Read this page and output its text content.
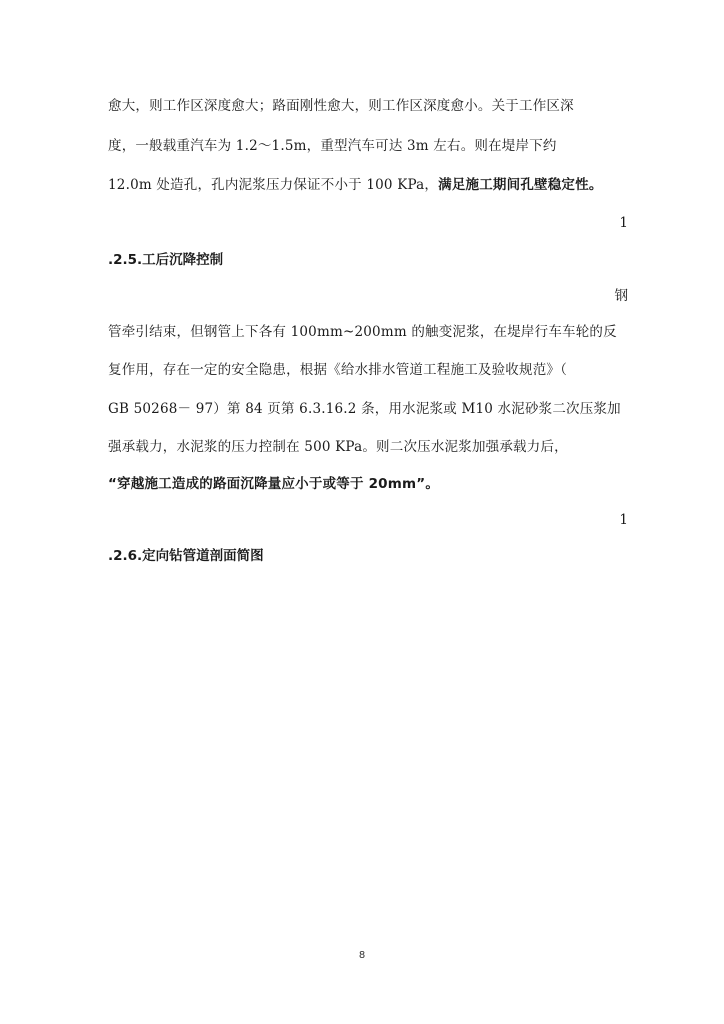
愈大，则工作区深度愈大；路面刚性愈大，则工作区深度愈小。关于工作区深
度，一般载重汽车为 1.2～1.5m，重型汽车可达 3m 左右。则在堤岸下约
12.0m 处造孔，孔内泥浆压力保证不小于 100 KPa，满足施工期间孔壁稳定性。
1
.2.5.工后沉降控制
钢
管牵引结束，但钢管上下各有 100mm~200mm 的触变泥浆，在堤岸行车车轮的反
复作用，存在一定的安全隐患，根据《给水排水管道工程施工及验收规范》（
GB 50268－ 97）第 84 页第 6.3.16.2 条，用水泥浆或 M10 水泥砂浆二次压浆加
强承载力，水泥浆的压力控制在 500 KPa。则二次压水泥浆加强承载力后，
“穿越施工造成的路面沉降量应小于或等于 20mm”。
1
.2.6.定向钻管道剖面简图
8
